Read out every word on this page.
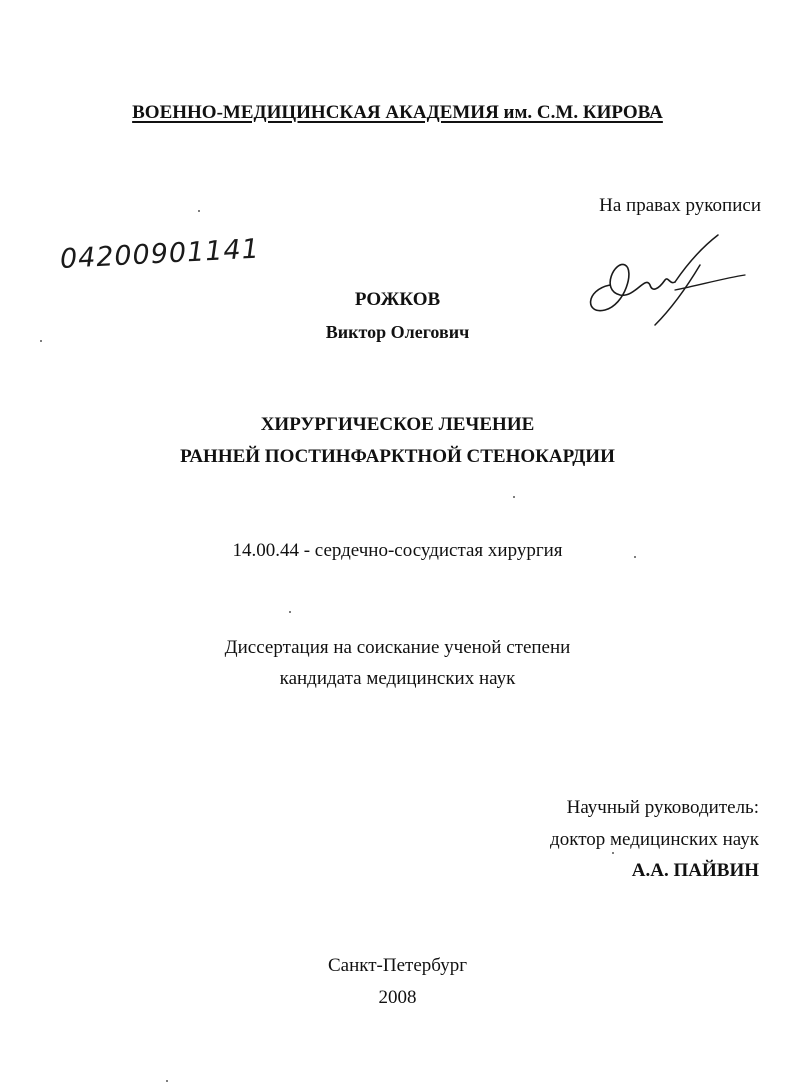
ВОЕННО-МЕДИЦИНСКАЯ АКАДЕМИЯ им. С.М. КИРОВА
На правах рукописи
04200901141
РОЖКОВ
Виктор Олегович
ХИРУРГИЧЕСКОЕ ЛЕЧЕНИЕ
РАННЕЙ ПОСТИНФАРКТНОЙ СТЕНОКАРДИИ
14.00.44 - сердечно-сосудистая хирургия
Диссертация на соискание ученой степени
кандидата медицинских наук
Научный руководитель:
доктор медицинских наук
А.А. ПАЙВИН
Санкт-Петербург
2008
